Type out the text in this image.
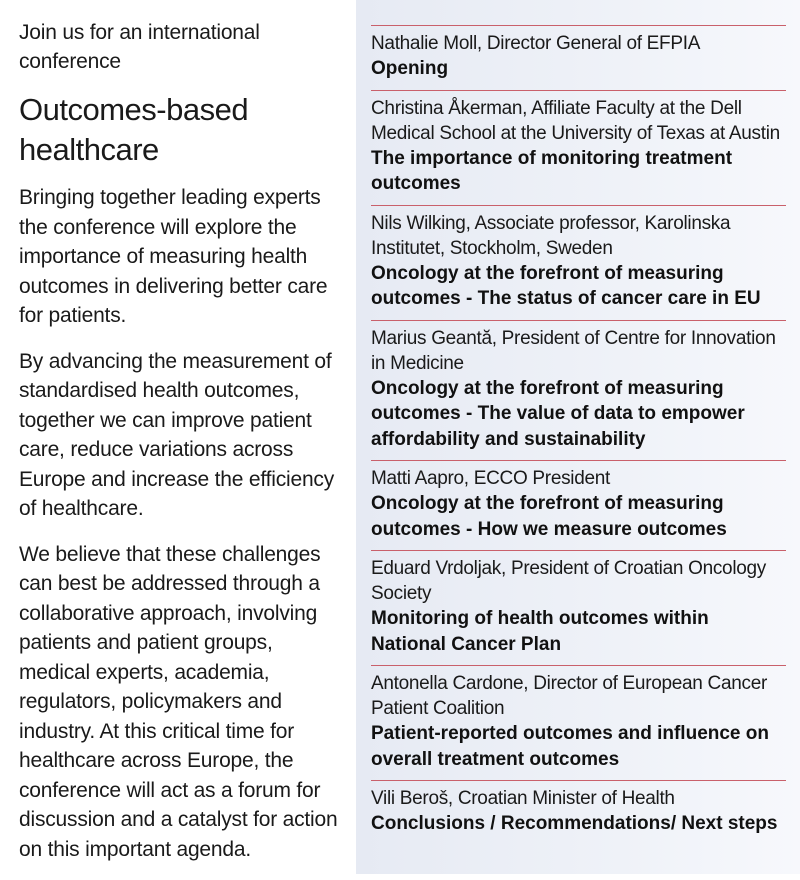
Join us for an international conference
Outcomes-based healthcare

Bringing together leading experts the conference will explore the importance of measuring health outcomes in delivering better care for patients.

By advancing the measurement of standardised health outcomes, together we can improve patient care, reduce variations across Europe and increase the efficiency of healthcare.

We believe that these challenges can best be addressed through a collaborative approach, involving patients and patient groups, medical experts, academia, regulators, policymakers and industry. At this critical time for healthcare across Europe, the conference will act as a forum for discussion and a catalyst for action on this important agenda.

Nathalie Moll, Director General of EFPIA
Opening
Christina Åkerman, Affiliate Faculty at the Dell Medical School at the University of Texas at Austin
The importance of monitoring treatment outcomes
Nils Wilking, Associate professor, Karolinska Institutet, Stockholm, Sweden
Oncology at the forefront of measuring outcomes - The status of cancer care in EU
Marius Geantă, President of Centre for Innovation in Medicine
Oncology at the forefront of measuring outcomes - The value of data to empower affordability and sustainability
Matti Aapro, ECCO President
Oncology at the forefront of measuring outcomes - How we measure outcomes
Eduard Vrdoljak, President of Croatian Oncology Society
Monitoring of health outcomes within National Cancer Plan
Antonella Cardone, Director of European Cancer Patient Coalition
Patient-reported outcomes and influence on overall treatment outcomes
Vili Beroš, Croatian Minister of Health
Conclusions / Recommendations/ Next steps
